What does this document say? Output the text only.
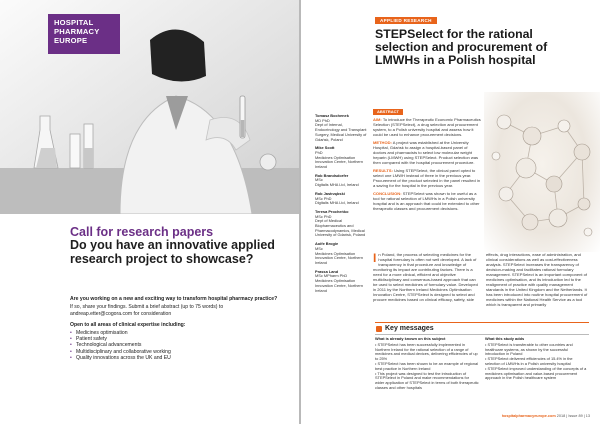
HOSPITAL
PHARMACY
EUROPE
Call for research papers
Do you have an innovative applied research project to showcase?
Are you working on a new and exciting way to transform hospital pharmacy practice?
If so, share your findings. Submit a brief abstract (up to 75 words) to andreap.etter@cogora.com for consideration
Open to all areas of clinical expertise including:
• Medicines optimisation
• Patient safety
• Technological advancements
• Multidisciplinary and collaborative working
• Quality innovations across the UK and EU
APPLIED RESEARCH
STEPSelect for the rational selection and procurement of LMWHs in a Polish hospital
Tomasz Bochenek
MD PhD
Dept of Internal, Endocrinology and Transplant Surgery, Medical University of Gdańsk, Poland
Mike Scott
PhD
Medicines Optimisation Innovation Centre, Northern Ireland
Rob Brandsdorfer
MSc
Digitalis MHA Ltd, Ireland
Rob Jastrzębski
MSc PhD
Digitalis MHA Ltd, Ireland
Teresa Procheńko
MSc PhD
Dept of Medical Biopharmaceutics and Pharmacodynamics, Medical University of Gdańsk, Poland
Aoife Brogie
MSc
Medicines Optimisation Innovation Centre, Northern Ireland
Prassa Land
MSc MPharm PhD
Medicines Optimisation Innovation Centre, Northern Ireland
ABSTRACT

AIM: To introduce the Therapeutic Economic Pharmaceutics Selection (STEPSelect), a drug selection and procurement system, to a Polish university hospital and assess how it could be used to enhance procurement decisions.

METHOD: A project was established at the University Hospital, Gdańsk to assign a hospital-based panel of doctors and pharmacists to select low molecular weight heparin (LMWH) using STEPSelect. Product selection was then compared with the hospital procurement procedure.

RESULTS: Using STEPSelect, the clinical panel opted to select one LMWH instead of three in the previous year. Procurement of the product selected in the panel resulted in a saving for the hospital in the previous year.

CONCLUSION: STEPSelect was shown to be useful as a tool for rational selection of LMWHs in a Polish university hospital and is an approach that could be extended to other therapeutic classes and procurement decisions.

I n Poland, the process of selecting medicines for the hospital formulary is often not well developed. A lack of transparency in that procedure and knowledge of monitoring its impact are contributing factors. There is a need for a more clinical, efficient and objective multidisciplinary and consensus-based approach that can be used to select medicines of formulary value. Developed in 2011 by the Northern Ireland Medicines Optimisation Innovation Centre, STEPSelect is designed to select and procure medicines based on clinical efficacy, safety, side
effects, drug interactions, ease of administration, and clinical considerations as well as cost-effectiveness analysis. STEPSelect increases the transparency of decision-making and facilitates rational formulary management. STEPSelect is an important component of medicines optimisation, and its introduction led to the realignment of practice with quality management standards in the United Kingdom and the Netherlands. It has been introduced into routine hospital procurement of medicines within the National Health Service as a tool which is transparent and primarily
Key messages
What is already known on this subject
• STEPSelect has been successfully implemented in Northern Ireland for the rational selection of a range of medicines and medical devices, delivering efficiencies of up to 25%
• STEPSelect has been shown to be an example of regional best practice in Northern Ireland
• This project was designed to test the introduction of STEPSelect in Poland and make recommendations for wider application of STEPSelect in terms of both therapeutic classes and other hospitals
What this study adds
• STEPSelect is transferable to other countries and healthcare systems, as shown by the successful introduction in Poland
• STEPSelect delivered efficiencies of 15.4% in the selection of LMWHs in a Polish university hospital
• STEPSelect improved understanding of the concepts of a medicines optimisation and value-based procurement approach in the Polish healthcare system
hospitalpharmacyeurope.com 2018 | Issue 89 | 13
